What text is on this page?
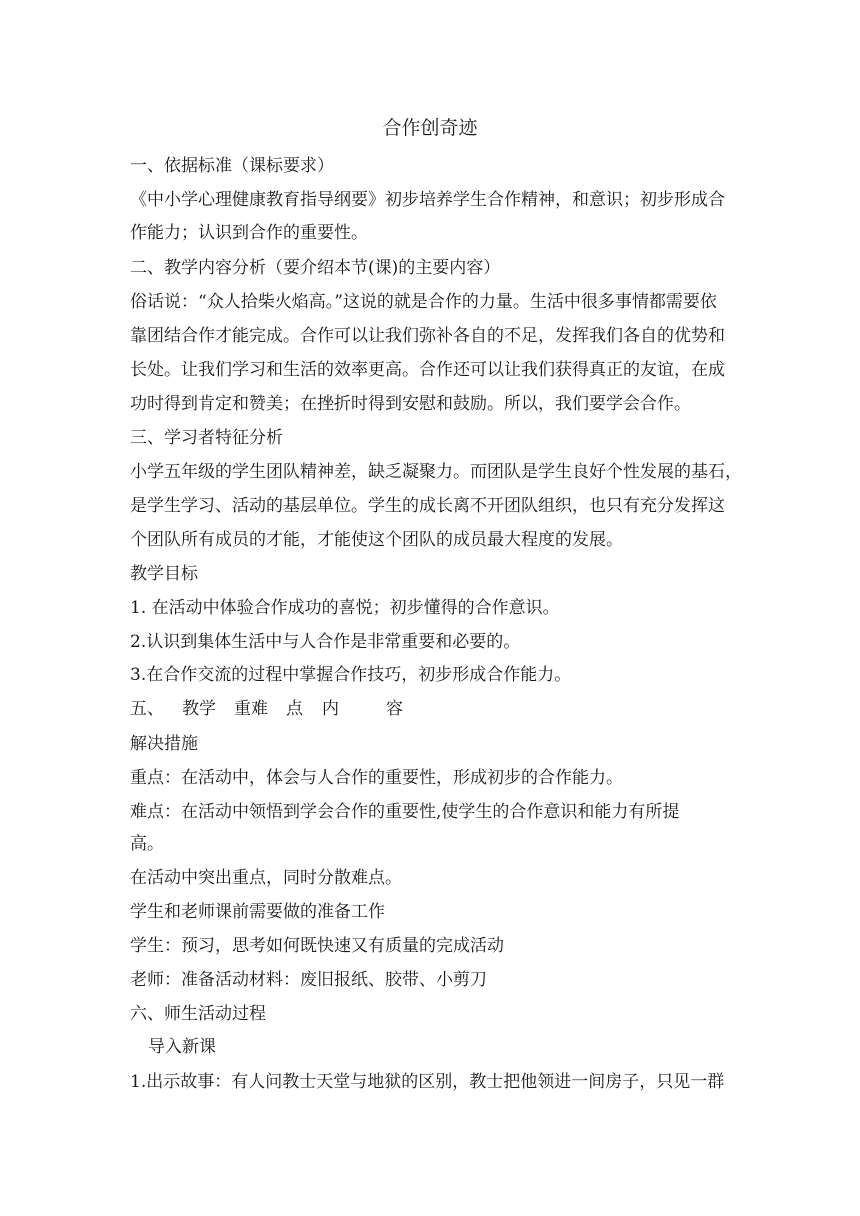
合作创奇迹
一、依据标准（课标要求）
《中小学心理健康教育指导纲要》初步培养学生合作精神，和意识；初步形成合
作能力；认识到合作的重要性。
二、教学内容分析（要介绍本节(课)的主要内容）
俗话说：“众人拾柴火焰高。”这说的就是合作的力量。生活中很多事情都需要依
靠团结合作才能完成。合作可以让我们弥补各自的不足，发挥我们各自的优势和
长处。让我们学习和生活的效率更高。合作还可以让我们获得真正的友谊，在成
功时得到肯定和赞美；在挫折时得到安慰和鼓励。所以，我们要学会合作。
三、学习者特征分析
小学五年级的学生团队精神差，缺乏凝聚力。而团队是学生良好个性发展的基石，
是学生学习、活动的基层单位。学生的成长离不开团队组织，也只有充分发挥这
个团队所有成员的才能，才能使这个团队的成员最大程度的发展。
教学目标
1. 在活动中体验合作成功的喜悦；初步懂得的合作意识。
2.认识到集体生活中与人合作是非常重要和必要的。
3.在合作交流的过程中掌握合作技巧，初步形成合作能力。
五、 教学 重难 点 内	容
解决措施
重点：在活动中，体会与人合作的重要性，形成初步的合作能力。
难点：在活动中领悟到学会合作的重要性,使学生的合作意识和能力有所提
高。
在活动中突出重点，同时分散难点。
学生和老师课前需要做的准备工作
学生：预习，思考如何既快速又有质量的完成活动
老师：准备活动材料：废旧报纸、胶带、小剪刀
六、师生活动过程
导入新课
1.出示故事：有人问教士天堂与地狱的区别，教士把他领进一间房子，只见一群
